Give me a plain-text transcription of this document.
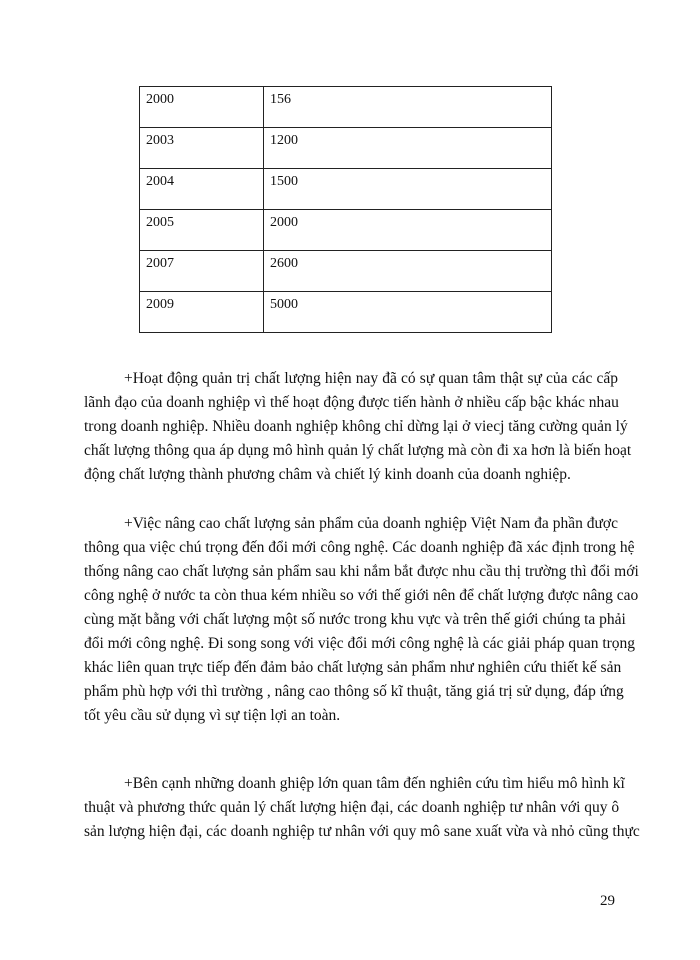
2000	156
2003	1200
2004	1500
2005	2000
2007	2600
2009	5000

+Hoạt động quản trị chất lượng hiện nay đã có sự quan tâm thật sự của các cấp
lãnh đạo của doanh nghiệp vì thế hoạt động được tiến hành ở nhiều cấp bậc khác nhau
trong doanh nghiệp. Nhiều doanh nghiệp không chỉ dừng lại ở viecj tăng cường quản lý
chất lượng thông qua áp dụng mô hình quản lý chất lượng mà còn đi xa hơn là biến hoạt
động chất lượng thành phương châm và chiết lý kinh doanh của doanh nghiệp.

+Việc nâng cao chất lượng sản phẩm của doanh nghiệp Việt Nam đa phần được
thông qua việc chú trọng đến đổi mới công nghệ. Các doanh nghiệp đã xác định trong hệ
thống nâng cao chất lượng sản phẩm sau khi nắm bắt được nhu cầu thị trường thì đổi mới
công nghệ ở nước ta còn thua kém nhiều so với thế giới nên để chất lượng được nâng cao
cùng mặt bằng với chất lượng một số nước trong khu vực và trên thế giới chúng ta phải
đổi mới công nghệ. Đi song song với việc đổi mới công nghệ là các giải pháp quan trọng
khác liên quan trực tiếp đến đảm bảo chất lượng sản phẩm như nghiên cứu thiết kế sản
phẩm phù hợp với thì trường , nâng cao thông số kĩ thuật, tăng giá trị sử dụng, đáp ứng
tốt yêu cầu sử dụng vì sự tiện lợi an toàn.

+Bên cạnh những doanh ghiệp lớn quan tâm đến nghiên cứu tìm hiểu mô hình kĩ
thuật và phương thức quản lý chất lượng hiện đại, các doanh nghiệp tư nhân với quy ô
sản lượng hiện đại, các doanh nghiệp tư nhân với quy mô sane xuất vừa và nhỏ cũng thực

29
